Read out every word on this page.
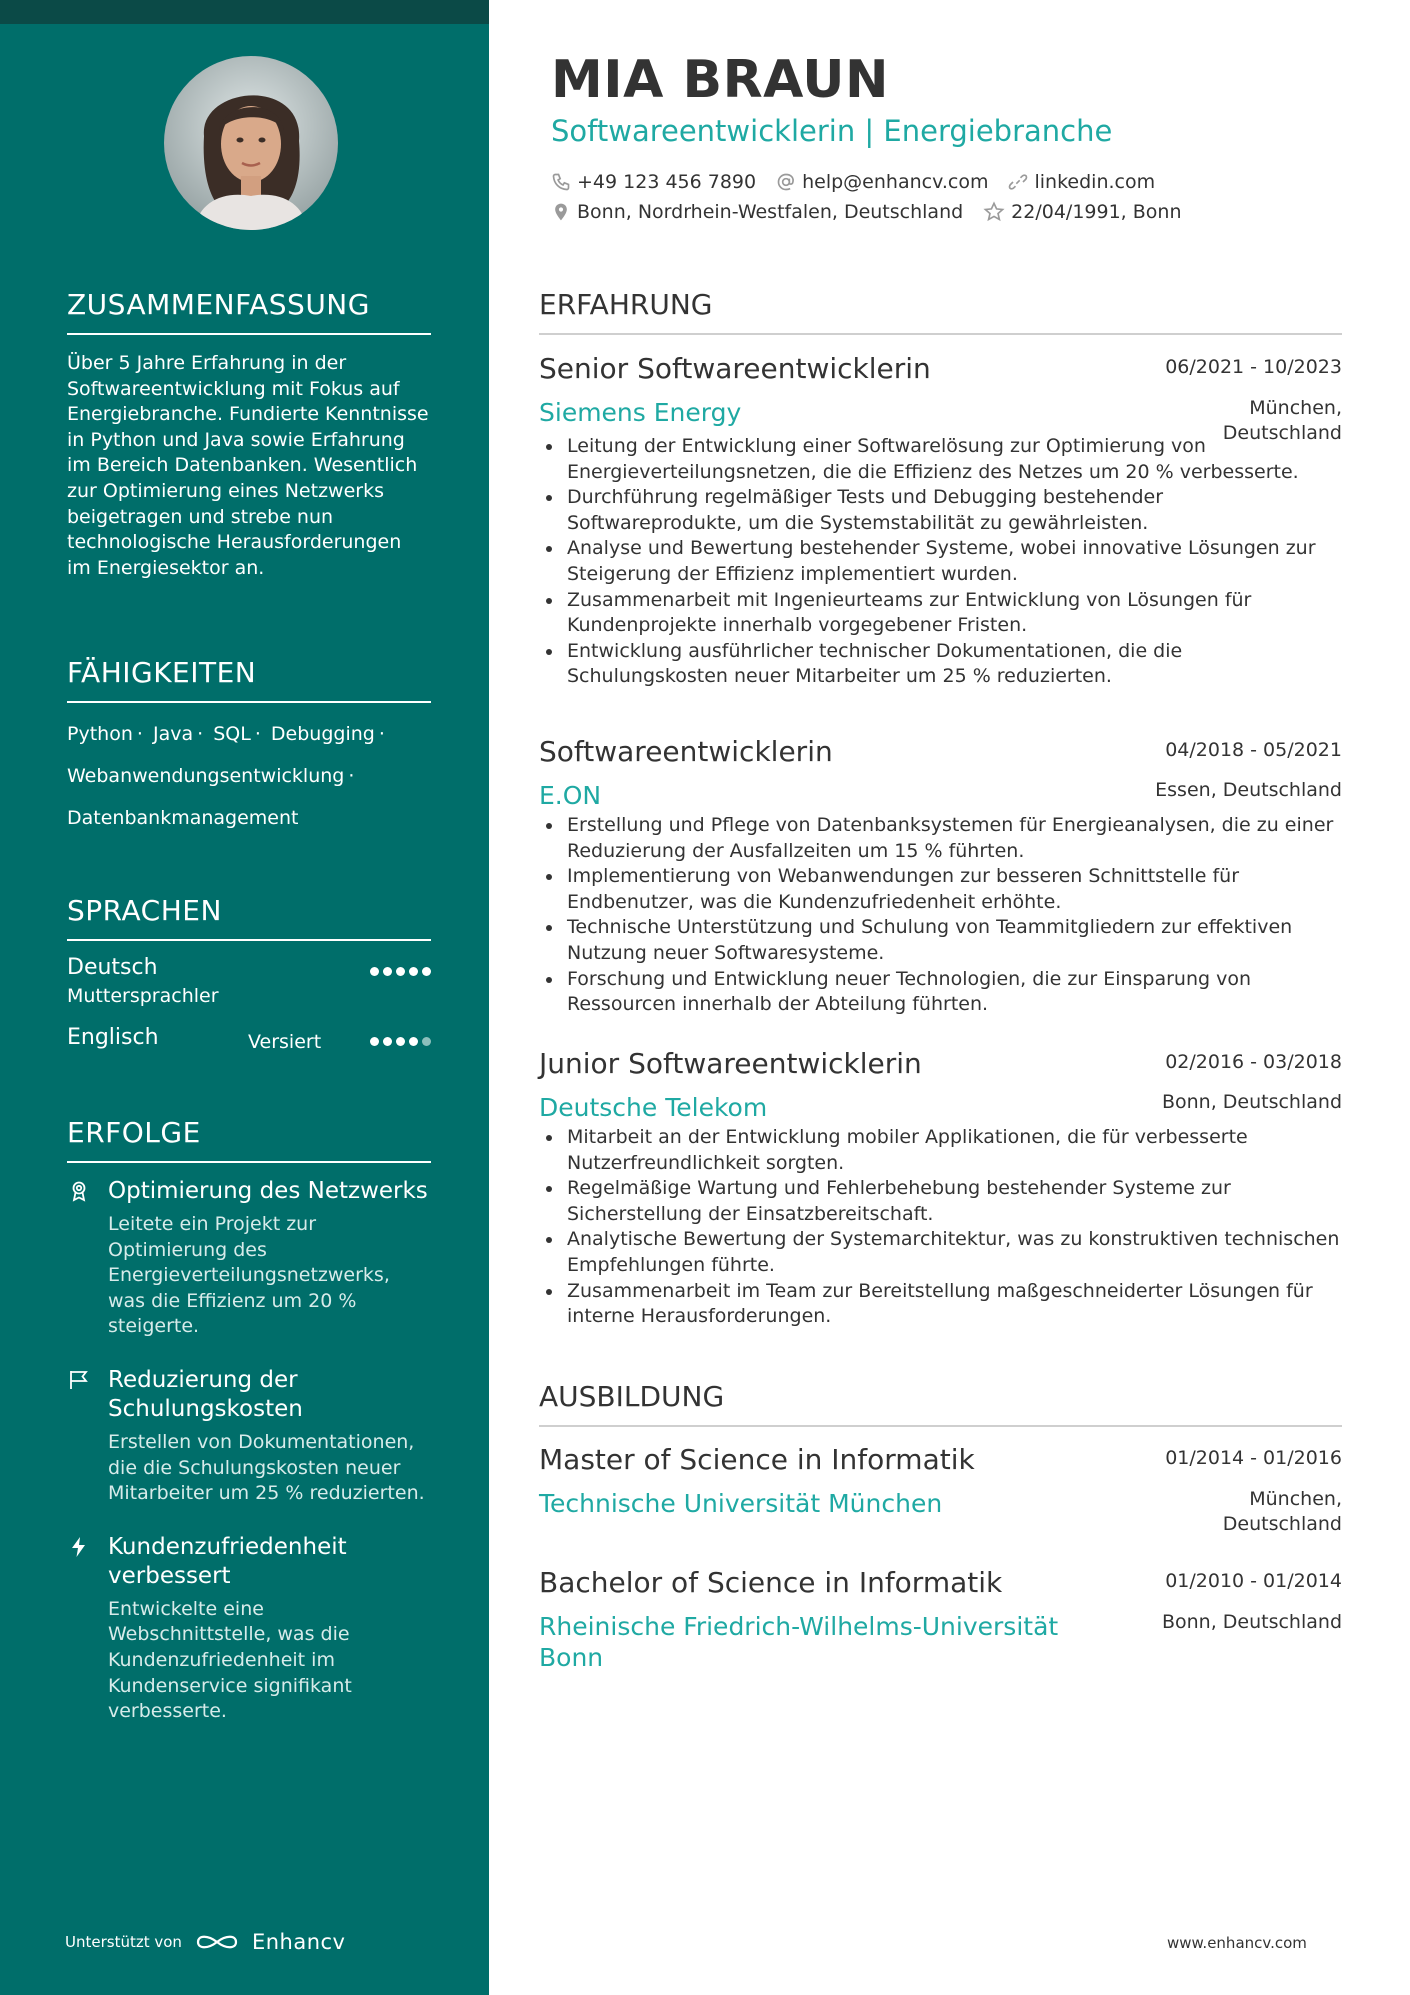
ZUSAMMENFASSUNG
Über 5 Jahre Erfahrung in der Softwareentwicklung mit Fokus auf Energiebranche. Fundierte Kenntnisse in Python und Java sowie Erfahrung im Bereich Datenbanken. Wesentlich zur Optimierung eines Netzwerks beigetragen und strebe nun technologische Herausforderungen im Energiesektor an.
FÄHIGKEITEN
Python · Java · SQL · Debugging ·
Webanwendungsentwicklung ·
Datenbankmanagement
SPRACHEN
Deutsch
Muttersprachler
Englisch	Versiert
ERFOLGE
Optimierung des Netzwerks
Leitete ein Projekt zur Optimierung des Energieverteilungsnetzwerks, was die Effizienz um 20 % steigerte.
Reduzierung der Schulungskosten
Erstellen von Dokumentationen, die die Schulungskosten neuer Mitarbeiter um 25 % reduzierten.
Kundenzufriedenheit verbessert
Entwickelte eine Webschnittstelle, was die Kundenzufriedenheit im Kundenservice signifikant verbesserte.
Unterstützt von	Enhancv
MIA BRAUN
Softwareentwicklerin | Energiebranche
+49 123 456 7890 help@enhancv.com linkedin.com
Bonn, Nordrhein-Westfalen, Deutschland	22/04/1991, Bonn
ERFAHRUNG
Senior Softwareentwicklerin	06/2021 - 10/2023
Siemens Energy	München,
Deutschland
Leitung der Entwicklung einer Softwarelösung zur Optimierung von Energieverteilungsnetzen, die die Effizienz des Netzes um 20 % verbesserte.
Durchführung regelmäßiger Tests und Debugging bestehender Softwareprodukte, um die Systemstabilität zu gewährleisten.
Analyse und Bewertung bestehender Systeme, wobei innovative Lösungen zur Steigerung der Effizienz implementiert wurden.
Zusammenarbeit mit Ingenieurteams zur Entwicklung von Lösungen für Kundenprojekte innerhalb vorgegebener Fristen.
Entwicklung ausführlicher technischer Dokumentationen, die die Schulungskosten neuer Mitarbeiter um 25 % reduzierten.
Softwareentwicklerin	04/2018 - 05/2021
E.ON	Essen, Deutschland
Erstellung und Pflege von Datenbanksystemen für Energieanalysen, die zu einer Reduzierung der Ausfallzeiten um 15 % führten.
Implementierung von Webanwendungen zur besseren Schnittstelle für Endbenutzer, was die Kundenzufriedenheit erhöhte.
Technische Unterstützung und Schulung von Teammitgliedern zur effektiven Nutzung neuer Softwaresysteme.
Forschung und Entwicklung neuer Technologien, die zur Einsparung von Ressourcen innerhalb der Abteilung führten.
Junior Softwareentwicklerin	02/2016 - 03/2018
Deutsche Telekom	Bonn, Deutschland
Mitarbeit an der Entwicklung mobiler Applikationen, die für verbesserte Nutzerfreundlichkeit sorgten.
Regelmäßige Wartung und Fehlerbehebung bestehender Systeme zur Sicherstellung der Einsatzbereitschaft.
Analytische Bewertung der Systemarchitektur, was zu konstruktiven technischen Empfehlungen führte.
Zusammenarbeit im Team zur Bereitstellung maßgeschneiderter Lösungen für interne Herausforderungen.
AUSBILDUNG
Master of Science in Informatik	01/2014 - 01/2016
Technische Universität München	München,
Deutschland
Bachelor of Science in Informatik	01/2010 - 01/2014
Rheinische Friedrich-Wilhelms-Universität Bonn
Bonn, Deutschland
www.enhancv.com
